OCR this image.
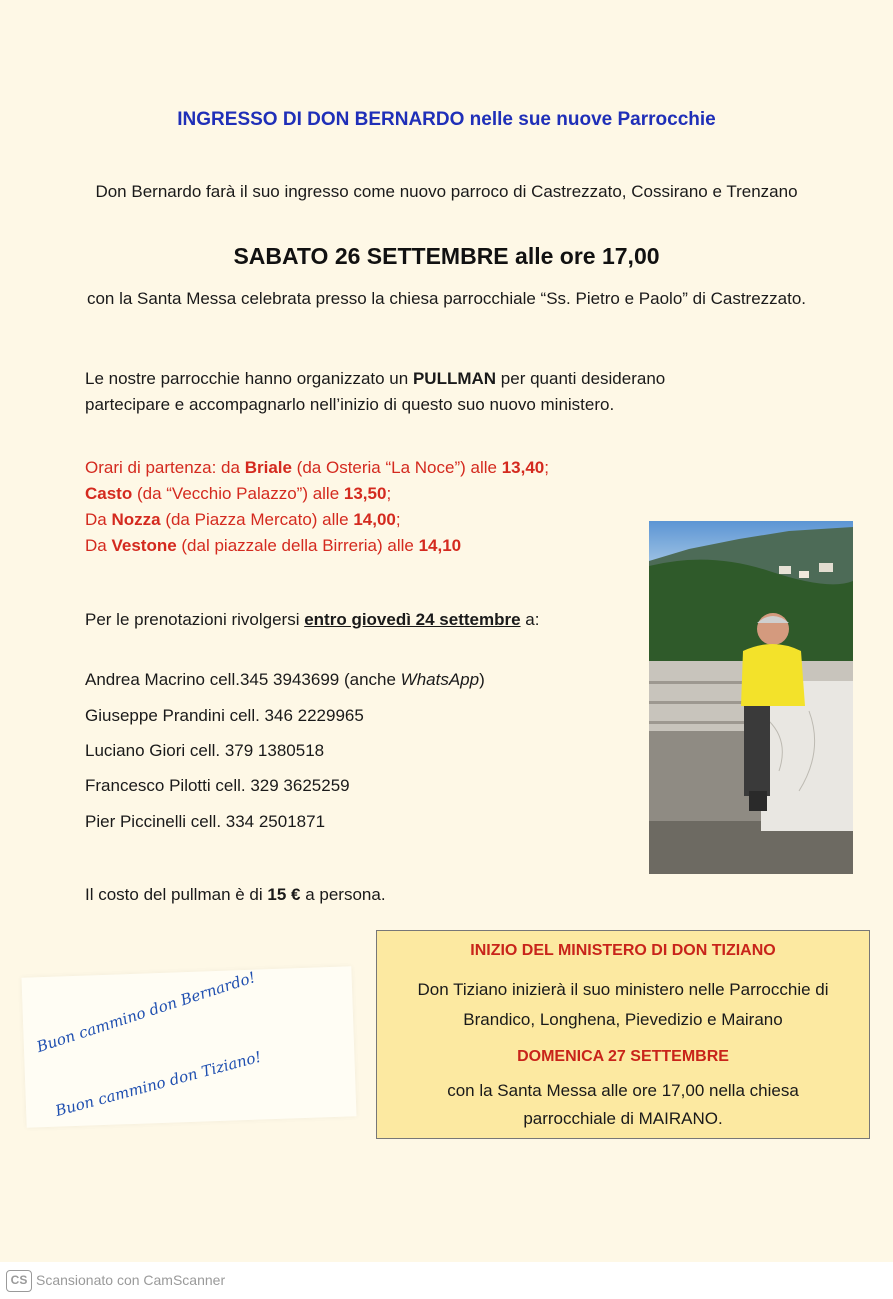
INGRESSO DI DON BERNARDO nelle sue nuove Parrocchie
Don Bernardo farà il suo ingresso come nuovo parroco di Castrezzato, Cossirano e Trenzano
SABATO 26 SETTEMBRE alle ore 17,00
con la Santa Messa celebrata presso la chiesa parrocchiale “Ss. Pietro e Paolo” di Castrezzato.
Le nostre parrocchie hanno organizzato un PULLMAN per quanti desiderano partecipare e accompagnarlo nell’inizio di questo suo nuovo ministero.
Orari di partenza: da Briale (da Osteria “La Noce”) alle 13,40;
Casto (da “Vecchio Palazzo”) alle 13,50;
Da Nozza (da Piazza Mercato) alle 14,00;
Da Vestone (dal piazzale della Birreria) alle 14,10
Per le prenotazioni rivolgersi entro giovedì 24 settembre a:
Andrea Macrino cell.345 3943699 (anche WhatsApp)
Giuseppe Prandini cell. 346 2229965
Luciano Giori cell. 379 1380518
Francesco Pilotti cell. 329 3625259
Pier Piccinelli cell. 334 2501871
Buon cammino don Bernardo!
Buon cammino don Tiziano!
INIZIO DEL MINISTERO DI DON TIZIANO
Don Tiziano inizierà il suo ministero nelle Parrocchie di Brandico, Longhena, Pievedizio e Mairano
DOMENICA 27 SETTEMBRE
con la Santa Messa alle ore 17,00 nella chiesa parrocchiale di MAIRANO.
Il costo del pullman è di 15 € a persona.
CS Scansionato con CamScanner
